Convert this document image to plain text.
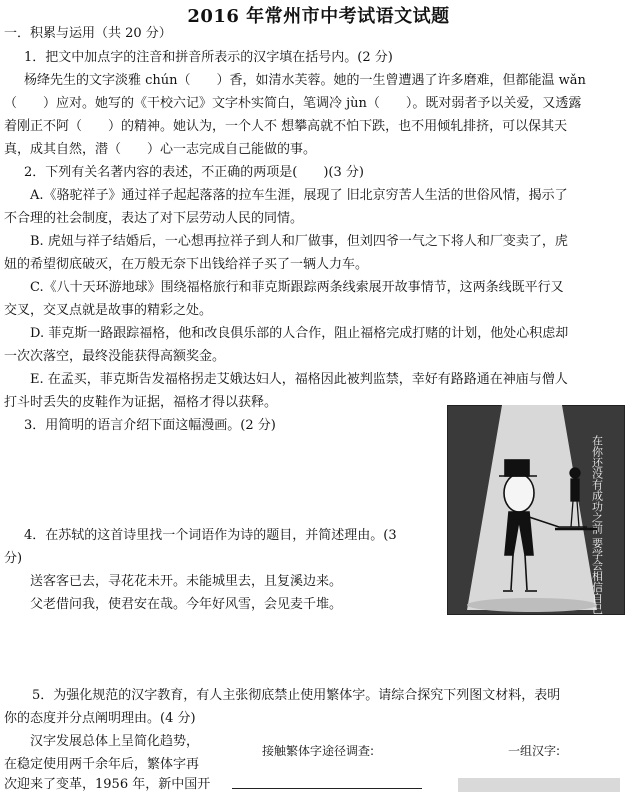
2016 年常州市中考试语文试题
一．积累与运用（共 20 分）
1．把文中加点字的注音和拼音所表示的汉字填在括号内。(2 分)
杨绛先生的文字淡雅 chún（　　）香，如清水芙蓉。她的一生曾遭遇了许多磨难，但都能温 wǎn
（　　）应对。她写的《干校六记》文字朴实简白，笔调冷 jùn（　　）。既对弱者予以关爱，又透露
着刚正不阿（　　）的精神。她认为，一个人不 想攀高就不怕下跌，也不用倾轧排挤，可以保其天
真，成其自然，潜（　　）心一志完成自己能做的事。
2．下列有关名著内容的表述，不正确的两项是(　　)(3 分)
A.《骆驼祥子》通过祥子起起落落的拉车生涯，展现了 旧北京穷苦人生活的世俗风情，揭示了
不合理的社会制度，表达了对下层劳动人民的同情。
B. 虎妞与祥子结婚后，一心想再拉祥子到人和厂做事，但刘四爷一气之下将人和厂变卖了，虎
妞的希望彻底破灭，在万般无奈下出钱给祥子买了一辆人力车。
C.《八十天环游地球》围绕福格旅行和菲克斯跟踪两条线索展开故事情节，这两条线既平行又
交叉，交叉点就是故事的精彩之处。
D. 菲克斯一路跟踪福格，他和改良俱乐部的人合作，阻止福格完成打赌的计划，他处心积虑却
一次次落空，最终没能获得高额奖金。
E. 在孟买，菲克斯告发福格拐走艾娥达妇人，福格因此被判监禁，幸好有路路通在神庙与僧人
打斗时丢失的皮鞋作为证据，福格才得以获释。
3．用简明的语言介绍下面这幅漫画。(2 分)
在你还没有成功之前 要学会相信自己
4．在苏轼的这首诗里找一个词语作为诗的题目，并简述理由。(3
分)
送客客已去，寻花花未开。未能城里去，且复溪边来。
父老借问我，使君安在哉。今年好风雪，会见麦千堆。
5．为强化规范的汉字教育，有人主张彻底禁止使用繁体字。请综合探究下列图文材料，表明
你的态度并分点阐明理由。(4 分)
汉字发展总体上呈简化趋势，
在稳定使用两千余年后，繁体字再
次迎来了变革，1956 年，新中国开
接触繁体字途径调查:	一组汉字:
